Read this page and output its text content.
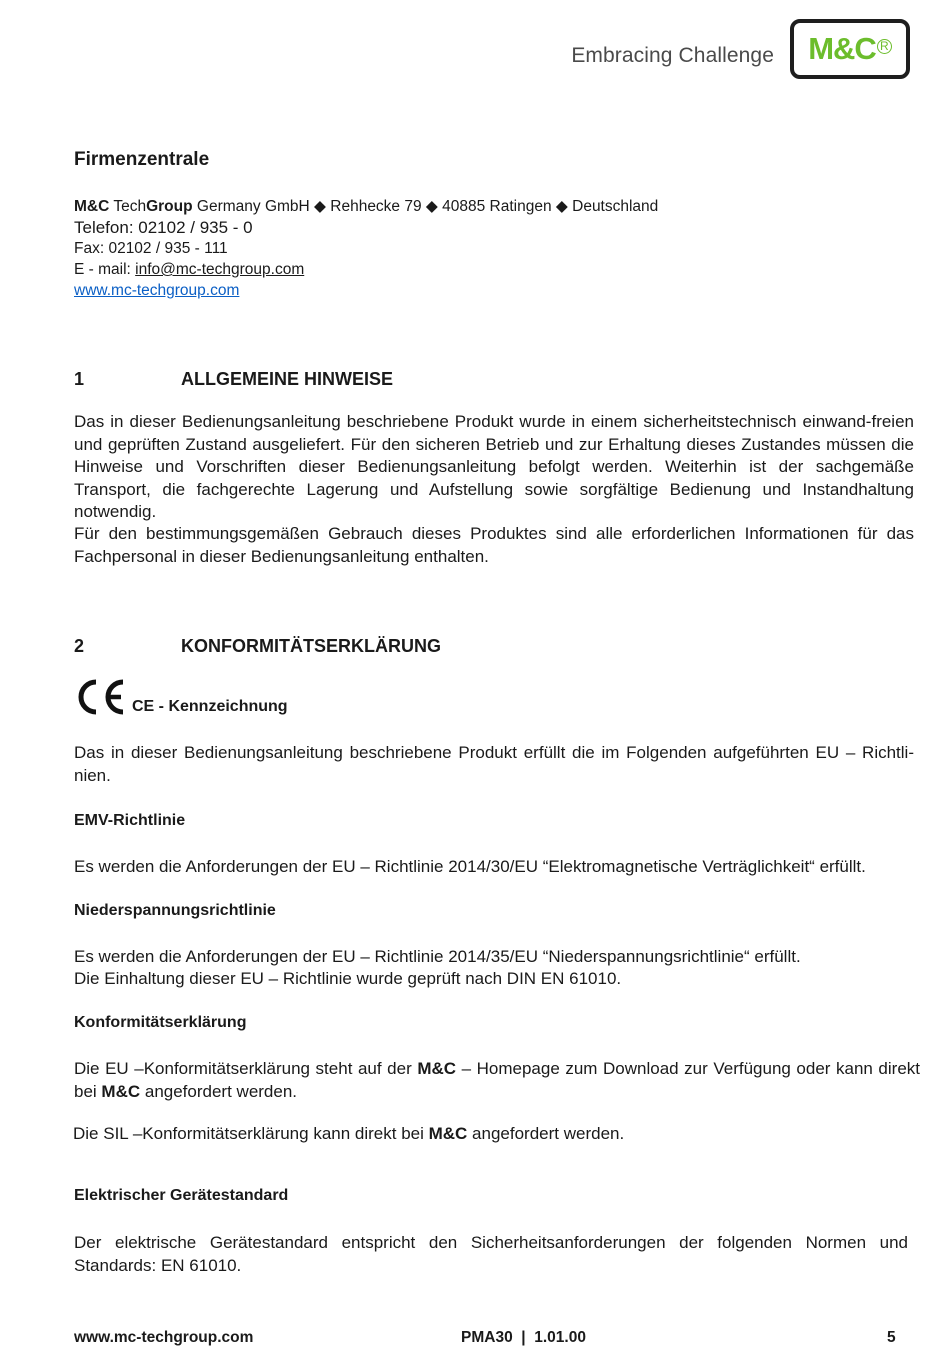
Embracing Challenge M&C R
Firmenzentrale
M&C TechGroup Germany GmbH ◆ Rehhecke 79 ◆ 40885 Ratingen ◆ Deutschland
Telefon: 02102 / 935 - 0
Fax: 02102 / 935 - 111
E - mail: info@mc-techgroup.com
www.mc-techgroup.com
1	ALLGEMEINE HINWEISE
Das in dieser Bedienungsanleitung beschriebene Produkt wurde in einem sicherheitstechnisch einwand-freien und geprüften Zustand ausgeliefert. Für den sicheren Betrieb und zur Erhaltung dieses Zustandes müssen die Hinweise und Vorschriften dieser Bedienungsanleitung befolgt werden. Weiterhin ist der sachgemäße Transport, die fachgerechte Lagerung und Aufstellung sowie sorgfältige Bedienung und Instandhaltung notwendig.
Für den bestimmungsgemäßen Gebrauch dieses Produktes sind alle erforderlichen Informationen für das Fachpersonal in dieser Bedienungsanleitung enthalten.
2	KONFORMITÄTSERKLÄRUNG
CE - Kennzeichnung
Das in dieser Bedienungsanleitung beschriebene Produkt erfüllt die im Folgenden aufgeführten EU – Richtli-nien.
EMV-Richtlinie
Es werden die Anforderungen der EU – Richtlinie 2014/30/EU “Elektromagnetische Verträglichkeit“ erfüllt.
Niederspannungsrichtlinie
Es werden die Anforderungen der EU – Richtlinie 2014/35/EU “Niederspannungsrichtlinie“ erfüllt.
Die Einhaltung dieser EU – Richtlinie wurde geprüft nach DIN EN 61010.
Konformitätserklärung
Die EU –Konformitätserklärung steht auf der M&C – Homepage zum Download zur Verfügung oder kann direkt bei M&C angefordert werden.
Die SIL –Konformitätserklärung kann direkt bei M&C angefordert werden.
Elektrischer Gerätestandard
Der elektrische Gerätestandard entspricht den Sicherheitsanforderungen der folgenden Normen und Standards: EN 61010.
www.mc-techgroup.com	PMA30  |  1.01.00	5
